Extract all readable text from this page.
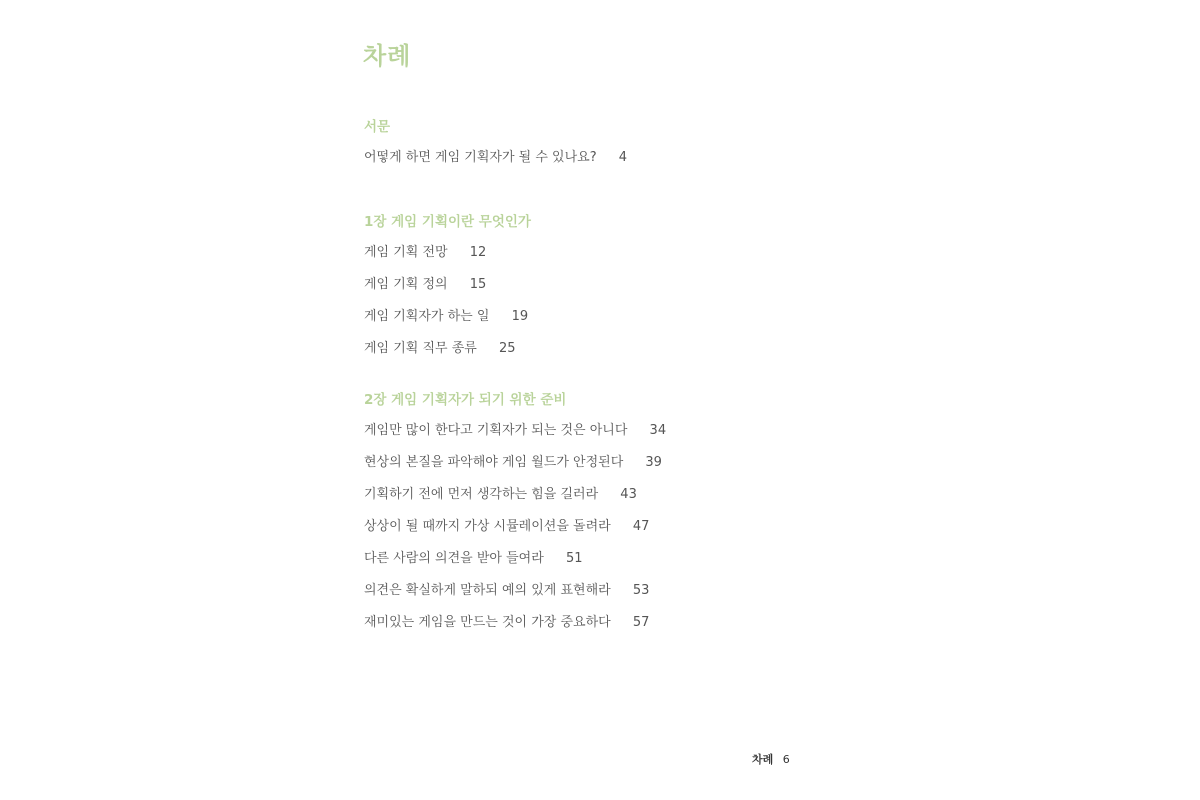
차례
서문
어떻게 하면 게임 기획자가 될 수 있나요? 4
1장 게임 기획이란 무엇인가
게임 기획 전망 12
게임 기획 정의 15
게임 기획자가 하는 일 19
게임 기획 직무 종류 25
2장 게임 기획자가 되기 위한 준비
게임만 많이 한다고 기획자가 되는 것은 아니다 34
현상의 본질을 파악해야 게임 월드가 안정된다 39
기획하기 전에 먼저 생각하는 힘을 길러라 43
상상이 될 때까지 가상 시뮬레이션을 돌려라 47
다른 사람의 의견을 받아 들여라 51
의견은 확실하게 말하되 예의 있게 표현해라 53
재미있는 게임을 만드는 것이 가장 중요하다 57
차례 6
